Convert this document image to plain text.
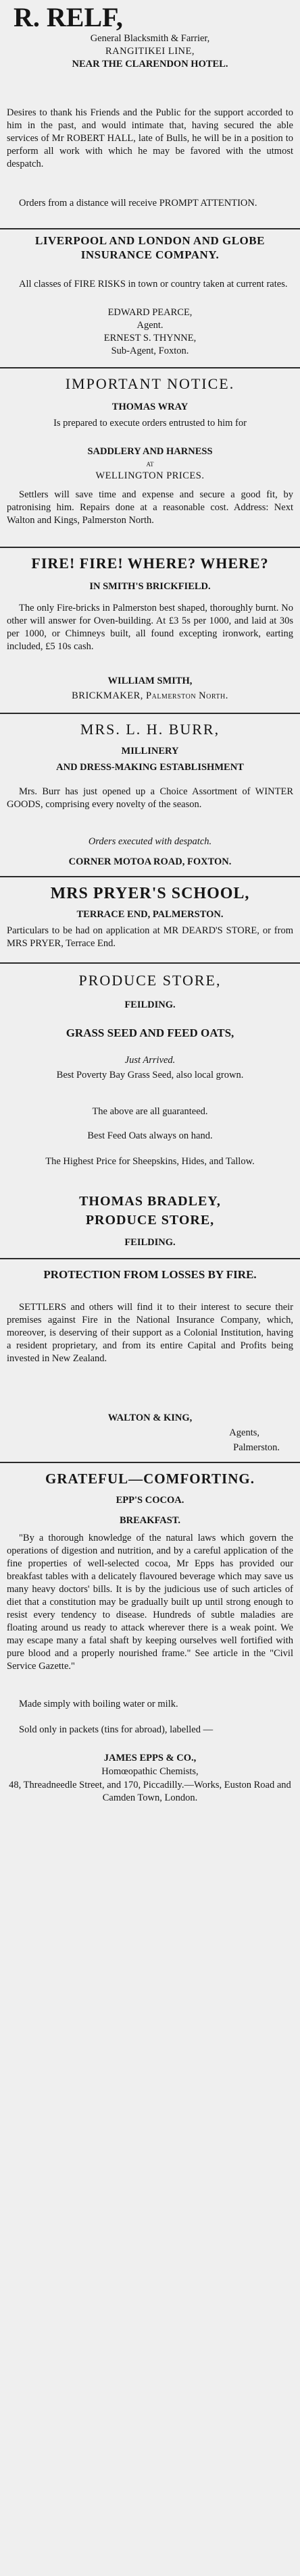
R. RELF,
General Blacksmith & Farrier,
RANGITIKEI LINE,
NEAR THE CLARENDON HOTEL.
Desires to thank his Friends and the Public for the support accorded to him in the past, and would intimate that, having secured the able services of Mr ROBERT HALL, late of Bulls, he will be in a position to perform all work with which he may be favored with the utmost despatch.
Orders from a distance will receive PROMPT ATTENTION.
LIVERPOOL AND LONDON AND GLOBE INSURANCE COMPANY.
All classes of FIRE RISKS in town or country taken at current rates.
EDWARD PEARCE,
Agent.
ERNEST S. THYNNE,
Sub-Agent, Foxton.
IMPORTANT NOTICE.
THOMAS WRAY
Is prepared to execute orders entrusted to him for
SADDLERY AND HARNESS
AT
WELLINGTON PRICES.
Settlers will save time and expense and secure a good fit, by patronising him. Repairs done at a reasonable cost. Address: Next Walton and Kings, Palmerston North.
FIRE! FIRE! WHERE? WHERE?
IN SMITH'S BRICKFIELD.
The only Fire-bricks in Palmerston best shaped, thoroughly burnt. No other will answer for Oven-building. At £3 5s per 1000, and laid at 30s per 1000, or Chimneys built, all found excepting ironwork, earting included, £5 10s cash.
WILLIAM SMITH,
BRICKMAKER, Palmerston North.
MRS. L. H. BURR,
MILLINERY
AND DRESS-MAKING ESTABLISHMENT
Mrs. Burr has just opened up a Choice Assortment of WINTER GOODS, comprising every novelty of the season.
Orders executed with despatch.
CORNER MOTOA ROAD, FOXTON.
MRS PRYER'S SCHOOL,
TERRACE END, PALMERSTON.
Particulars to be had on application at MR DEARD'S STORE, or from MRS PRYER, Terrace End.
PRODUCE STORE,
FEILDING.
GRASS SEED AND FEED OATS,
Just Arrived.
Best Poverty Bay Grass Seed, also local grown.
The above are all guaranteed.
Best Feed Oats always on hand.
The Highest Price for Sheepskins, Hides, and Tallow.
THOMAS BRADLEY,
PRODUCE STORE,
FEILDING.
PROTECTION FROM LOSSES BY FIRE.
SETTLERS and others will find it to their interest to secure their premises against Fire in the National Insurance Company, which, moreover, is deserving of their support as a Colonial Institution, having a resident proprietary, and from its entire Capital and Profits being invested in New Zealand.
WALTON & KING,
Agents,
Palmerston.
GRATEFUL—COMFORTING.
EPP'S COCOA.
BREAKFAST.
"By a thorough knowledge of the natural laws which govern the operations of digestion and nutrition, and by a careful application of the fine properties of well-selected cocoa, Mr Epps has provided our breakfast tables with a delicately flavoured beverage which may save us many heavy doctors' bills. It is by the judicious use of such articles of diet that a constitution may be gradually built up until strong enough to resist every tendency to disease. Hundreds of subtle maladies are floating around us ready to attack wherever there is a weak point. We may escape many a fatal shaft by keeping ourselves well fortified with pure blood and a properly nourished frame." See article in the "Civil Service Gazette."
Made simply with boiling water or milk.
Sold only in packets (tins for abroad), labelled —
JAMES EPPS & CO.,
Homœopathic Chemists,
48, Threadneedle Street, and 170, Piccadilly.—Works, Euston Road and Camden Town, London.
